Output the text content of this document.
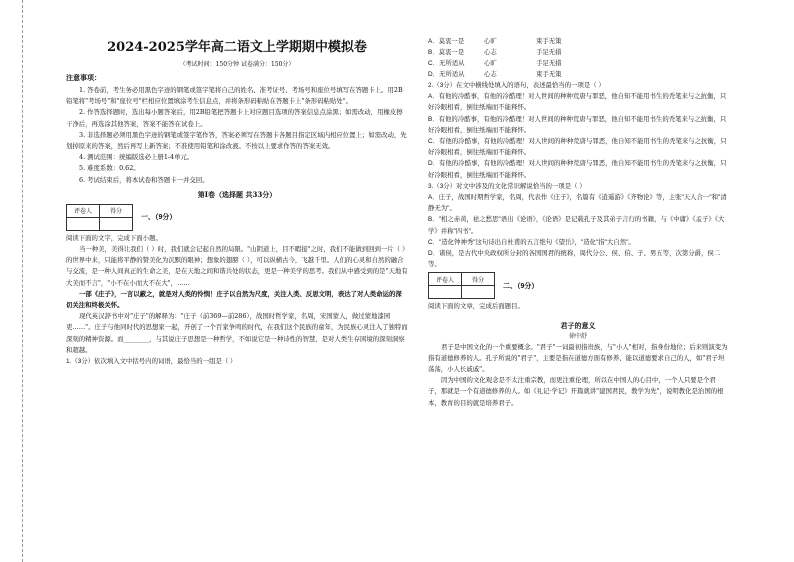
2024-2025学年高二语文上学期期中模拟卷
（考试时间：150分钟 试卷满分：150分）
注意事项：

1. 答卷前，考生务必用黑色字迹的钢笔或签字笔将自己的姓名、准考证号、考场号和座位号填写在答题卡上。用2B铅笔将"考场号"和"座位号"栏相应位置填涂考生信息点，并将条形码粘贴在答题卡上"条形码粘贴处"。

2. 作答选择题时，选出每小题答案后，用2B铅笔把答题卡上对应题目选项的答案信息点涂黑；如需改动，用橡皮擦干净后，再选涂其他答案，答案不能答在试卷上。

3. 非选择题必须用黑色字迹的钢笔或签字笔作答，答案必须写在答题卡各题目指定区域内相应位置上；如需改动，先划掉原来的答案，然后再写上新答案；不准使用铅笔和涂改液。不按以上要求作答的答案无效。

4. 测试范围：统编版选必上册1-4单元。

5. 难度系数：0.62。

6. 考试结束后，将本试卷和答题卡一并交回。

第Ⅰ卷（选择题 共33分）
评卷人	得分

一、（9分）

阅读下面的文字，完成下面小题。

当一种美，美得让我们（ ）时，我们就会记起自然的局限。"山阴道上，目不暇接"之时，我们不能做到回到一片（ ）的世界中来，只能将平静的赞美化为沉默的眼神；想象的翅膀（ ），可以纵横古今，飞越千里。人们的心灵和自然的融合与交流，是一种人间真正的生命之美，是在天地之间和谐共处的状态，更是一种美学的思考。我们从中感受到的是"天地有大美而不言"，"小不在小而大不在大"，……

一部《庄子》，一言以蔽之，就是对人类的怜悯！庄子以自然为尺度，关注人类、反思文明，表达了对人类命运的深切关注和终极关怀。

现代英汉辞书中对"庄子"的解释为："庄子（前369—前286），战国时哲学家，名周，宋国蒙人，做过蒙地漆园吏……"。庄子与他同时代的思想家一起，开创了一个百家争鸣的时代，在我们这个民族的童年，为民族心灵注入了独特而深刻的精神资源。而________，与其说庄子思想是一种哲学，不如说它是一种诗性的智慧，是对人类生存困境的深刻洞察和超越。

1.（3分）依次填入文中括号内的词语，最恰当的一组是（ ）

A．莫衷一是	心旷	束手无策
B．莫衷一是	心志	手足无措
C．无所适从	心旷	手足无措
D．无所适从	心志	束手无策

2.（3分）在文中横线处填入的语句，表述最恰当的一项是（ ）

A．有他的冷酷事，有他的冷酷理！对人世间的种种荒唐与罪恶，他自知不能用书生的秃笔来与之抗衡，只好冷眼相看，倒往纸端而不能释怀。

B．有他的冷酷事，有他的冷酷理！对人世间的种种荒唐与罪恶，他自知不能用书生的秃笔来与之抗衡，只好冷眼相看，倒往纸端而不能释怀。

C．有他的冷酷事，有他的冷酷理！对人世间的种种荒唐与罪恶，他自知不能用书生的秃笔来与之抗衡，只好冷眼相看，倒往纸端而不能释怀。

D．有他的冷酷事，有他的冷酷理！对人世间的种种荒唐与罪恶，他自知不能用书生的秃笔来与之抗衡，只好冷眼相看，倒往纸端而不能释怀。

3.（3分）对文中涉及的文化常识解说恰当的一项是（ ）

A．庄子，战国时期哲学家，名周，代表作《庄子》，名篇有《逍遥游》《齐物论》等，主张"天人合一"和"清静无为"。

B．"相之赤黄，祛之愁思"语出《论语》，《论语》是记载孔子及其弟子言行的书籍，与《中庸》《孟子》《大学》并称"四书"。

C．"造化钟神秀"这句诗出自杜甫的五言绝句《望岳》，"造化"指"大自然"。

D．诸侯，是古代中央政权所分封的各国国君的统称，周代分公、侯、伯、子、男五等，次第分爵，侯二等。

评卷人	得分

二、（9分）

阅读下面的文章，完成后面题目。

君子的意义
徐中舒

君子是中国文化的一个重要概念。"君子"一词最初指贵族，与"小人"相对，指身份地位；后来则演变为指有道德修养的人。孔子所说的"君子"，主要是指在道德方面有修养、能以道德要求自己的人，如"君子坦荡荡，小人长戚戚"。

因为中国的文化观念是不太注重宗教，而更注重伦理，所以在中国人的心目中，一个人只要是个君子，那就是一个有道德修养的人。如《礼记·学记》开篇就讲"建国君民，教学为先"，说明教化是治国的根本，教育的目的就是培养君子。
